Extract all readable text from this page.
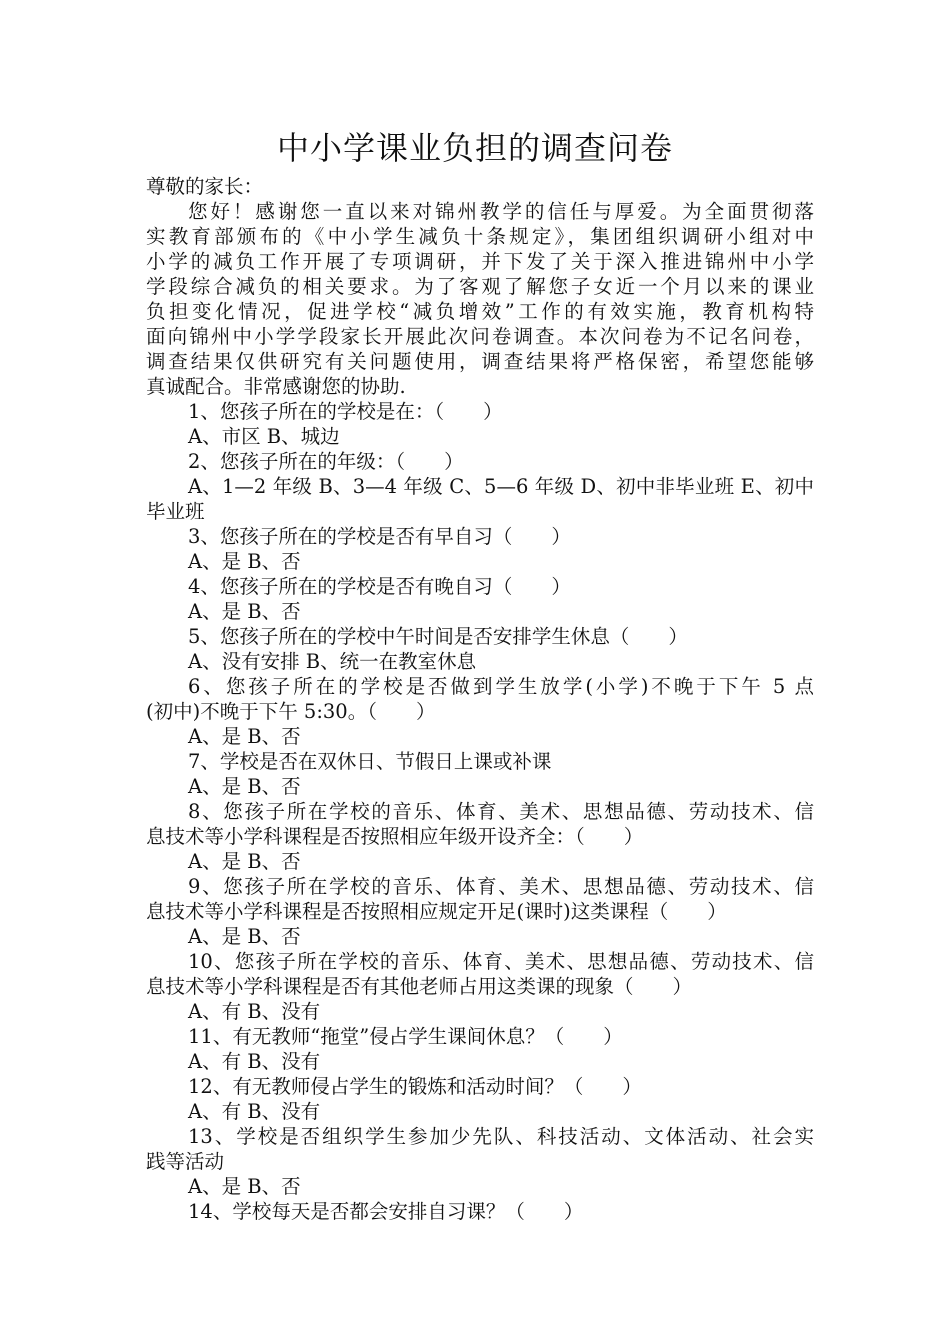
中小学课业负担的调查问卷
尊敬的家长：
您好！感谢您一直以来对锦州教学的信任与厚爱。为全面贯彻落
实教育部颁布的《中小学生减负十条规定》，集团组织调研小组对中
小学的减负工作开展了专项调研，并下发了关于深入推进锦州中小学
学段综合减负的相关要求。为了客观了解您子女近一个月以来的课业
负担变化情况，促进学校“减负增效”工作的有效实施，教育机构特
面向锦州中小学学段家长开展此次问卷调查。本次问卷为不记名问卷，
调查结果仅供研究有关问题使用，调查结果将严格保密，希望您能够
真诚配合。非常感谢您的协助.
1、您孩子所在的学校是在：（　　）
A、市区 B、城边
2、您孩子所在的年级：（　　）
A、1—2 年级 B、3—4 年级 C、5—6 年级 D、初中非毕业班 E、初中
毕业班
3、您孩子所在的学校是否有早自习（　　）
A、是 B、否
4、您孩子所在的学校是否有晚自习（　　）
A、是 B、否
5、您孩子所在的学校中午时间是否安排学生休息（　　）
A、没有安排 B、统一在教室休息
6、您孩子所在的学校是否做到学生放学(小学)不晚于下午 5 点
(初中)不晚于下午 5:30。（　　）
A、是 B、否
7、学校是否在双休日、节假日上课或补课
A、是 B、否
8、您孩子所在学校的音乐、体育、美术、思想品德、劳动技术、信
息技术等小学科课程是否按照相应年级开设齐全：（　　）
A、是 B、否
9、您孩子所在学校的音乐、体育、美术、思想品德、劳动技术、信
息技术等小学科课程是否按照相应规定开足(课时)这类课程（　　）
A、是 B、否
10、您孩子所在学校的音乐、体育、美术、思想品德、劳动技术、信
息技术等小学科课程是否有其他老师占用这类课的现象（　　）
A、有 B、没有
11、有无教师“拖堂”侵占学生课间休息？（　　）
A、有 B、没有
12、有无教师侵占学生的锻炼和活动时间？（　　）
A、有 B、没有
13、学校是否组织学生参加少先队、科技活动、文体活动、社会实
践等活动
A、是 B、否
14、学校每天是否都会安排自习课？（　　）
